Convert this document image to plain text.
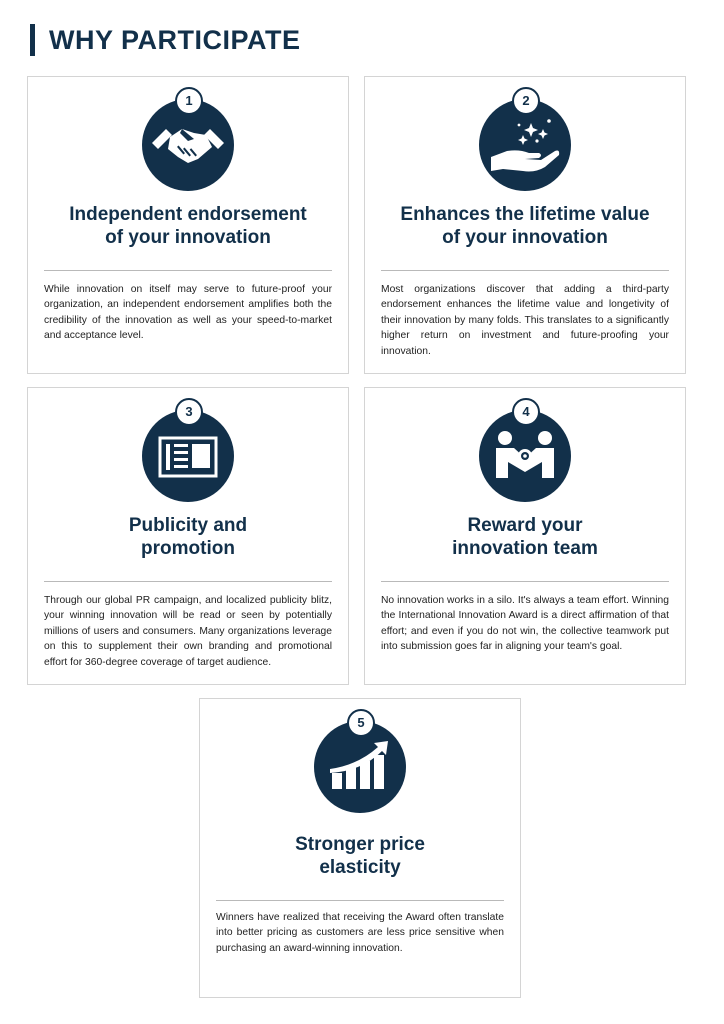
WHY PARTICIPATE
1
Independent endorsement
of your innovation

While innovation on itself may serve to future-proof your organization, an independent endorsement amplifies both the credibility of the innovation as well as your speed-to-market and acceptance level.

2
Enhances the lifetime value
of your innovation

Most organizations discover that adding a third-party endorsement enhances the lifetime value and longetivity of their innovation by many folds. This translates to a significantly higher return on investment and future-proofing your innovation.

3
Publicity and
promotion

Through our global PR campaign, and localized publicity blitz, your winning innovation will be read or seen by potentially millions of users and consumers. Many organizations leverage on this to supplement their own branding and promotional effort for 360-degree coverage of target audience.

4
Reward your
innovation team

No innovation works in a silo. It's always a team effort. Winning the International Innovation Award is a direct affirmation of that effort; and even if you do not win, the collective teamwork put into submission goes far in aligning your team's goal.

5
Stronger price
elasticity

Winners have realized that receiving the Award often translate into better pricing as customers are less price sensitive when purchasing an award-winning innovation.
